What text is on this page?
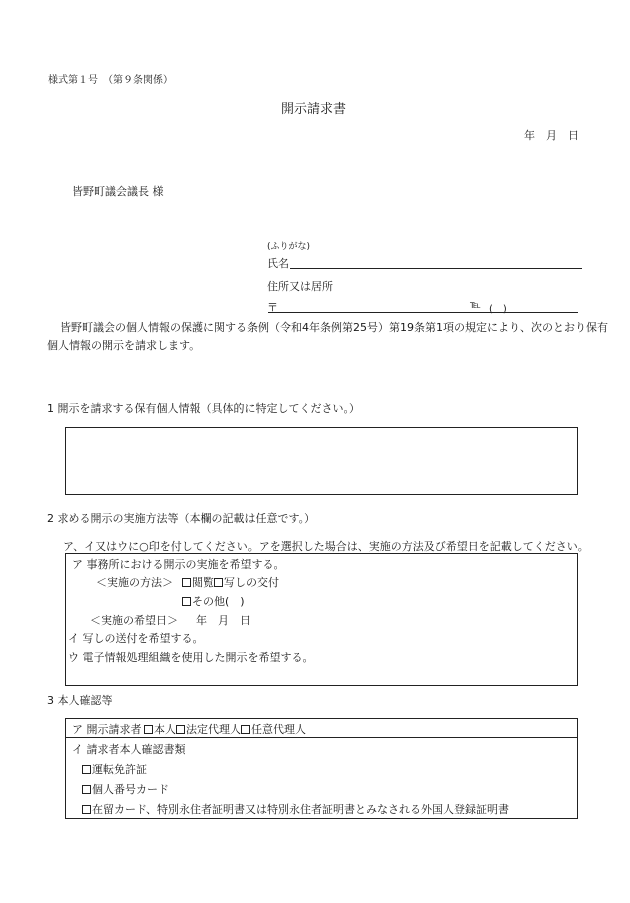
様式第１号　（第９条関係）
開示請求書
年　月　日
皆野町議会議長 様
(ふりがな)
氏名
住所又は居所
〒	℡ (　)
皆野町議会の個人情報の保護に関する条例（令和4年条例第25号）第19条第1項の規定により、次のとおり保有
個人情報の開示を請求します。
1 開示を請求する保有個人情報（具体的に特定してください。）
2 求める開示の実施方法等（本欄の記載は任意です。）
ア、イ又はウに○印を付してください。アを選択した場合は、実施の方法及び希望日を記載してください。
ア 事務所における開示の実施を希望する。
＜実施の方法＞ 閲覧 写しの交付
その他(　)
＜実施の希望日＞ 年　月　日
イ 写しの送付を希望する。
ウ 電子情報処理組織を使用した開示を希望する。
3 本人確認等
ア 開示請求者 本人 法定代理人 任意代理人
イ 請求者本人確認書類
運転免許証
個人番号カード
在留カード、特別永住者証明書又は特別永住者証明書とみなされる外国人登録証明書
